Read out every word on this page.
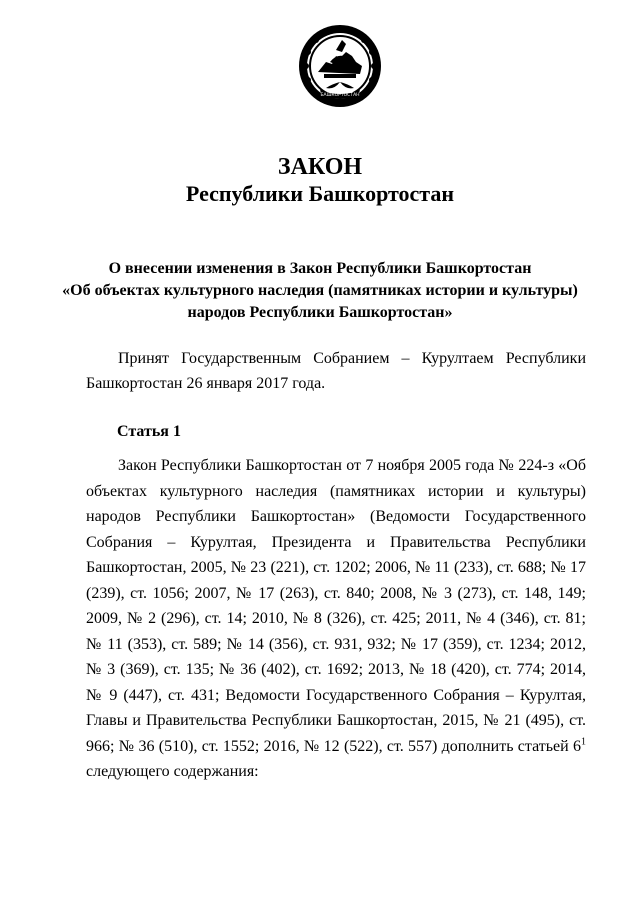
БАШКОРТОСТАН
ЗАКОН
Республики Башкортостан
О внесении изменения в Закон Республики Башкортостан
«Об объектах культурного наследия (памятниках истории и культуры)
народов Республики Башкортостан»

Принят Государственным Собранием – Курултаем Республики Башкортостан 26 января 2017 года.

Статья 1

Закон Республики Башкортостан от 7 ноября 2005 года № 224-з «Об объектах культурного наследия (памятниках истории и культуры) народов Республики Башкортостан» (Ведомости Государственного Собрания – Курултая, Президента и Правительства Республики Башкортостан, 2005, № 23 (221), ст. 1202; 2006, № 11 (233), ст. 688; № 17 (239), ст. 1056; 2007, № 17 (263), ст. 840; 2008, № 3 (273), ст. 148, 149; 2009, № 2 (296), ст. 14; 2010, № 8 (326), ст. 425; 2011, № 4 (346), ст. 81; № 11 (353), ст. 589; № 14 (356), ст. 931, 932; № 17 (359), ст. 1234; 2012, № 3 (369), ст. 135; № 36 (402), ст. 1692; 2013, № 18 (420), ст. 774; 2014, № 9 (447), ст. 431; Ведомости Государственного Собрания – Курултая, Главы и Правительства Республики Башкортостан, 2015, № 21 (495), ст. 966; № 36 (510), ст. 1552; 2016, № 12 (522), ст. 557) дополнить статьей $6^1$ следующего содержания:
